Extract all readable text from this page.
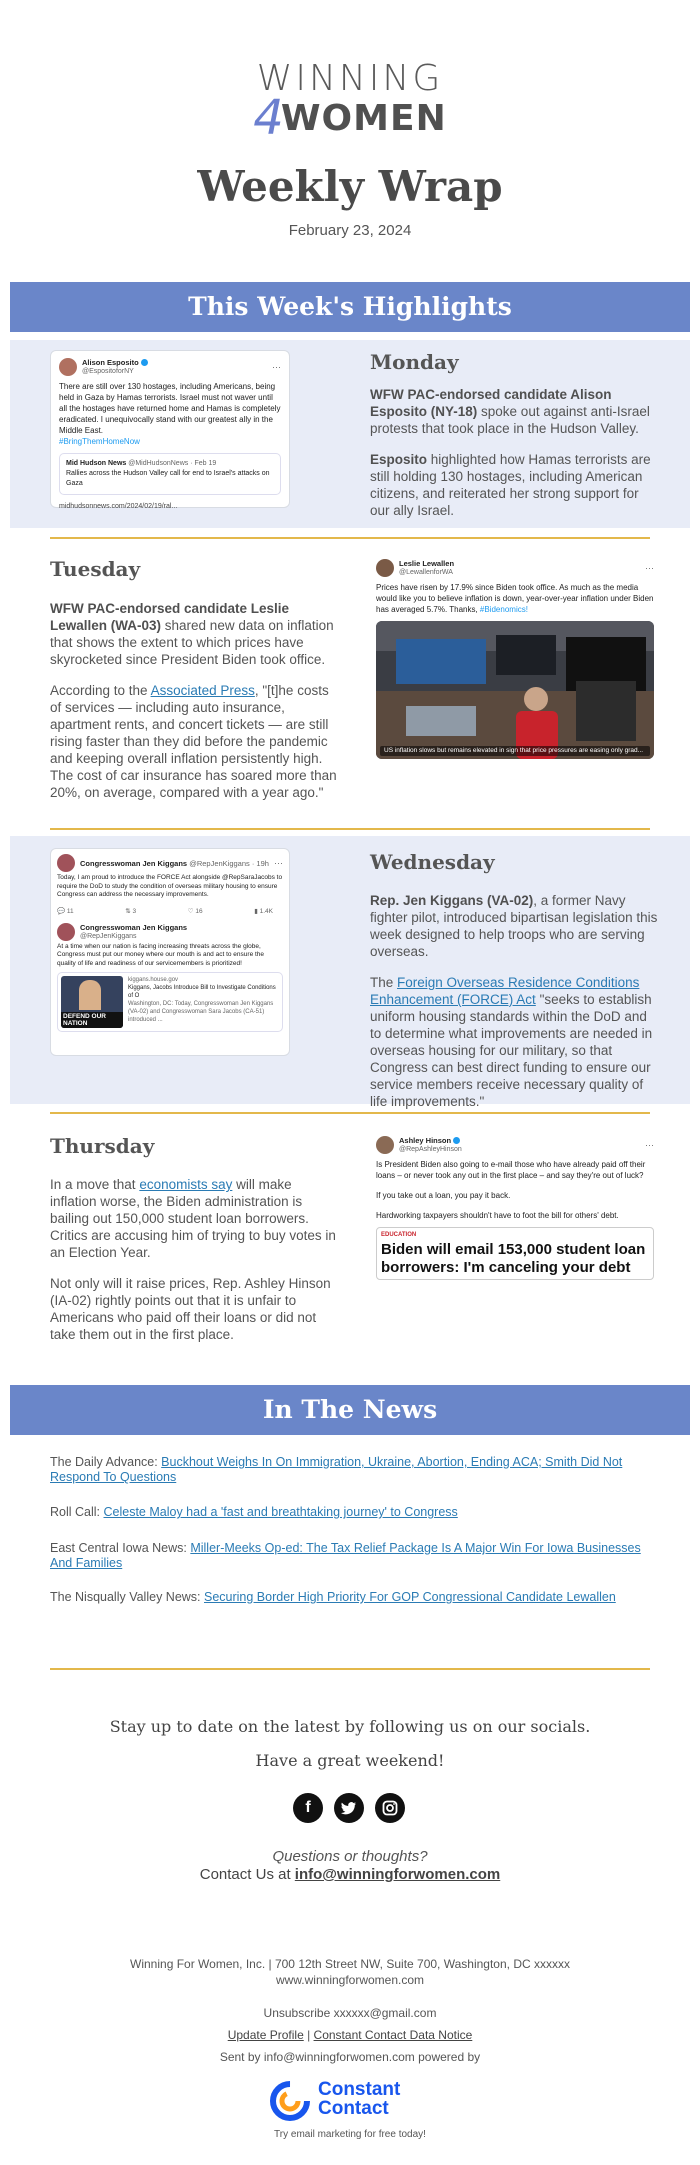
WINNING
4WOMEN
Weekly Wrap
February 23, 2024
This Week's Highlights
Alison Esposito
@EspositoforNY	···
There are still over 130 hostages, including Americans, being held in Gaza by Hamas terrorists. Israel must not waver until all the hostages have returned home and Hamas is completely eradicated. I unequivocally stand with our greatest ally in the Middle East.
#BringThemHomeNow
Mid Hudson News @MidHudsonNews · Feb 19
Rallies across the Hudson Valley call for end to Israel's attacks on Gaza
midhudsonnews.com/2024/02/19/ral...
Monday

WFW PAC-endorsed candidate Alison Esposito (NY-18) spoke out against anti-Israel protests that took place in the Hudson Valley.

Esposito highlighted how Hamas terrorists are still holding 130 hostages, including American citizens, and reiterated her strong support for our ally Israel.

Tuesday

WFW PAC-endorsed candidate Leslie Lewallen (WA-03) shared new data on inflation that shows the extent to which prices have skyrocketed since President Biden took office.

According to the Associated Press, "[t]he costs of services — including auto insurance, apartment rents, and concert tickets — are still rising faster than they did before the pandemic and keeping overall inflation persistently high. The cost of car insurance has soared more than 20%, on average, compared with a year ago."

Leslie Lewallen
@LewallenforWA	···
Prices have risen by 17.9% since Biden took office. As much as the media would like you to believe inflation is down, year-over-year inflation under Biden has averaged 5.7%. Thanks, #Bidenomics!
US inflation slows but remains elevated in sign that price pressures are easing only grad...
Congresswoman Jen Kiggans @RepJenKiggans · 19h ···
Today, I am proud to introduce the FORCE Act alongside @RepSaraJacobs to require the DoD to study the condition of overseas military housing to ensure Congress can address the necessary improvements.
💬 11	⇅ 3	♡ 16	▮ 1.4K
Congresswoman Jen Kiggans
@RepJenKiggans
At a time when our nation is facing increasing threats across the globe, Congress must put our money where our mouth is and act to ensure the quality of life and readiness of our servicemembers is prioritized!
DEFEND OUR NATION
kiggans.house.gov
Kiggans, Jacobs Introduce Bill to Investigate Conditions of O
Washington, DC: Today, Congresswoman Jen Kiggans (VA-02) and Congresswoman Sara Jacobs (CA-51) introduced ...
Wednesday

Rep. Jen Kiggans (VA-02), a former Navy fighter pilot, introduced bipartisan legislation this week designed to help troops who are serving overseas.

The Foreign Overseas Residence Conditions Enhancement (FORCE) Act "seeks to establish uniform housing standards within the DoD and to determine what improvements are needed in overseas housing for our military, so that Congress can best direct funding to ensure our service members receive necessary quality of life improvements."

Thursday

In a move that economists say will make inflation worse, the Biden administration is bailing out 150,000 student loan borrowers. Critics are accusing him of trying to buy votes in an Election Year.

Not only will it raise prices, Rep. Ashley Hinson (IA-02) rightly points out that it is unfair to Americans who paid off their loans or did not take them out in the first place.

Ashley Hinson
@RepAshleyHinson	···
Is President Biden also going to e-mail those who have already paid off their loans – or never took any out in the first place – and say they're out of luck?
If you take out a loan, you pay it back.
Hardworking taxpayers shouldn't have to foot the bill for others' debt.
EDUCATION
Biden will email 153,000 student loan borrowers: I'm canceling your debt
In The News
The Daily Advance: Buckhout Weighs In On Immigration, Ukraine, Abortion, Ending ACA; Smith Did Not Respond To Questions
Roll Call: Celeste Maloy had a 'fast and breathtaking journey' to Congress
East Central Iowa News: Miller-Meeks Op-ed: The Tax Relief Package Is A Major Win For Iowa Businesses And Families
The Nisqually Valley News: Securing Border High Priority For GOP Congressional Candidate Lewallen
Stay up to date on the latest by following us on our socials.
Have a great weekend!
f
Questions or thoughts?
Contact Us at info@winningforwomen.com
Winning For Women, Inc. | 700 12th Street NW, Suite 700, Washington, DC xxxxxx
www.winningforwomen.com
Unsubscribe xxxxxx@gmail.com
Update Profile | Constant Contact Data Notice
Sent by info@winningforwomen.com powered by
Constant Contact
Try email marketing for free today!
